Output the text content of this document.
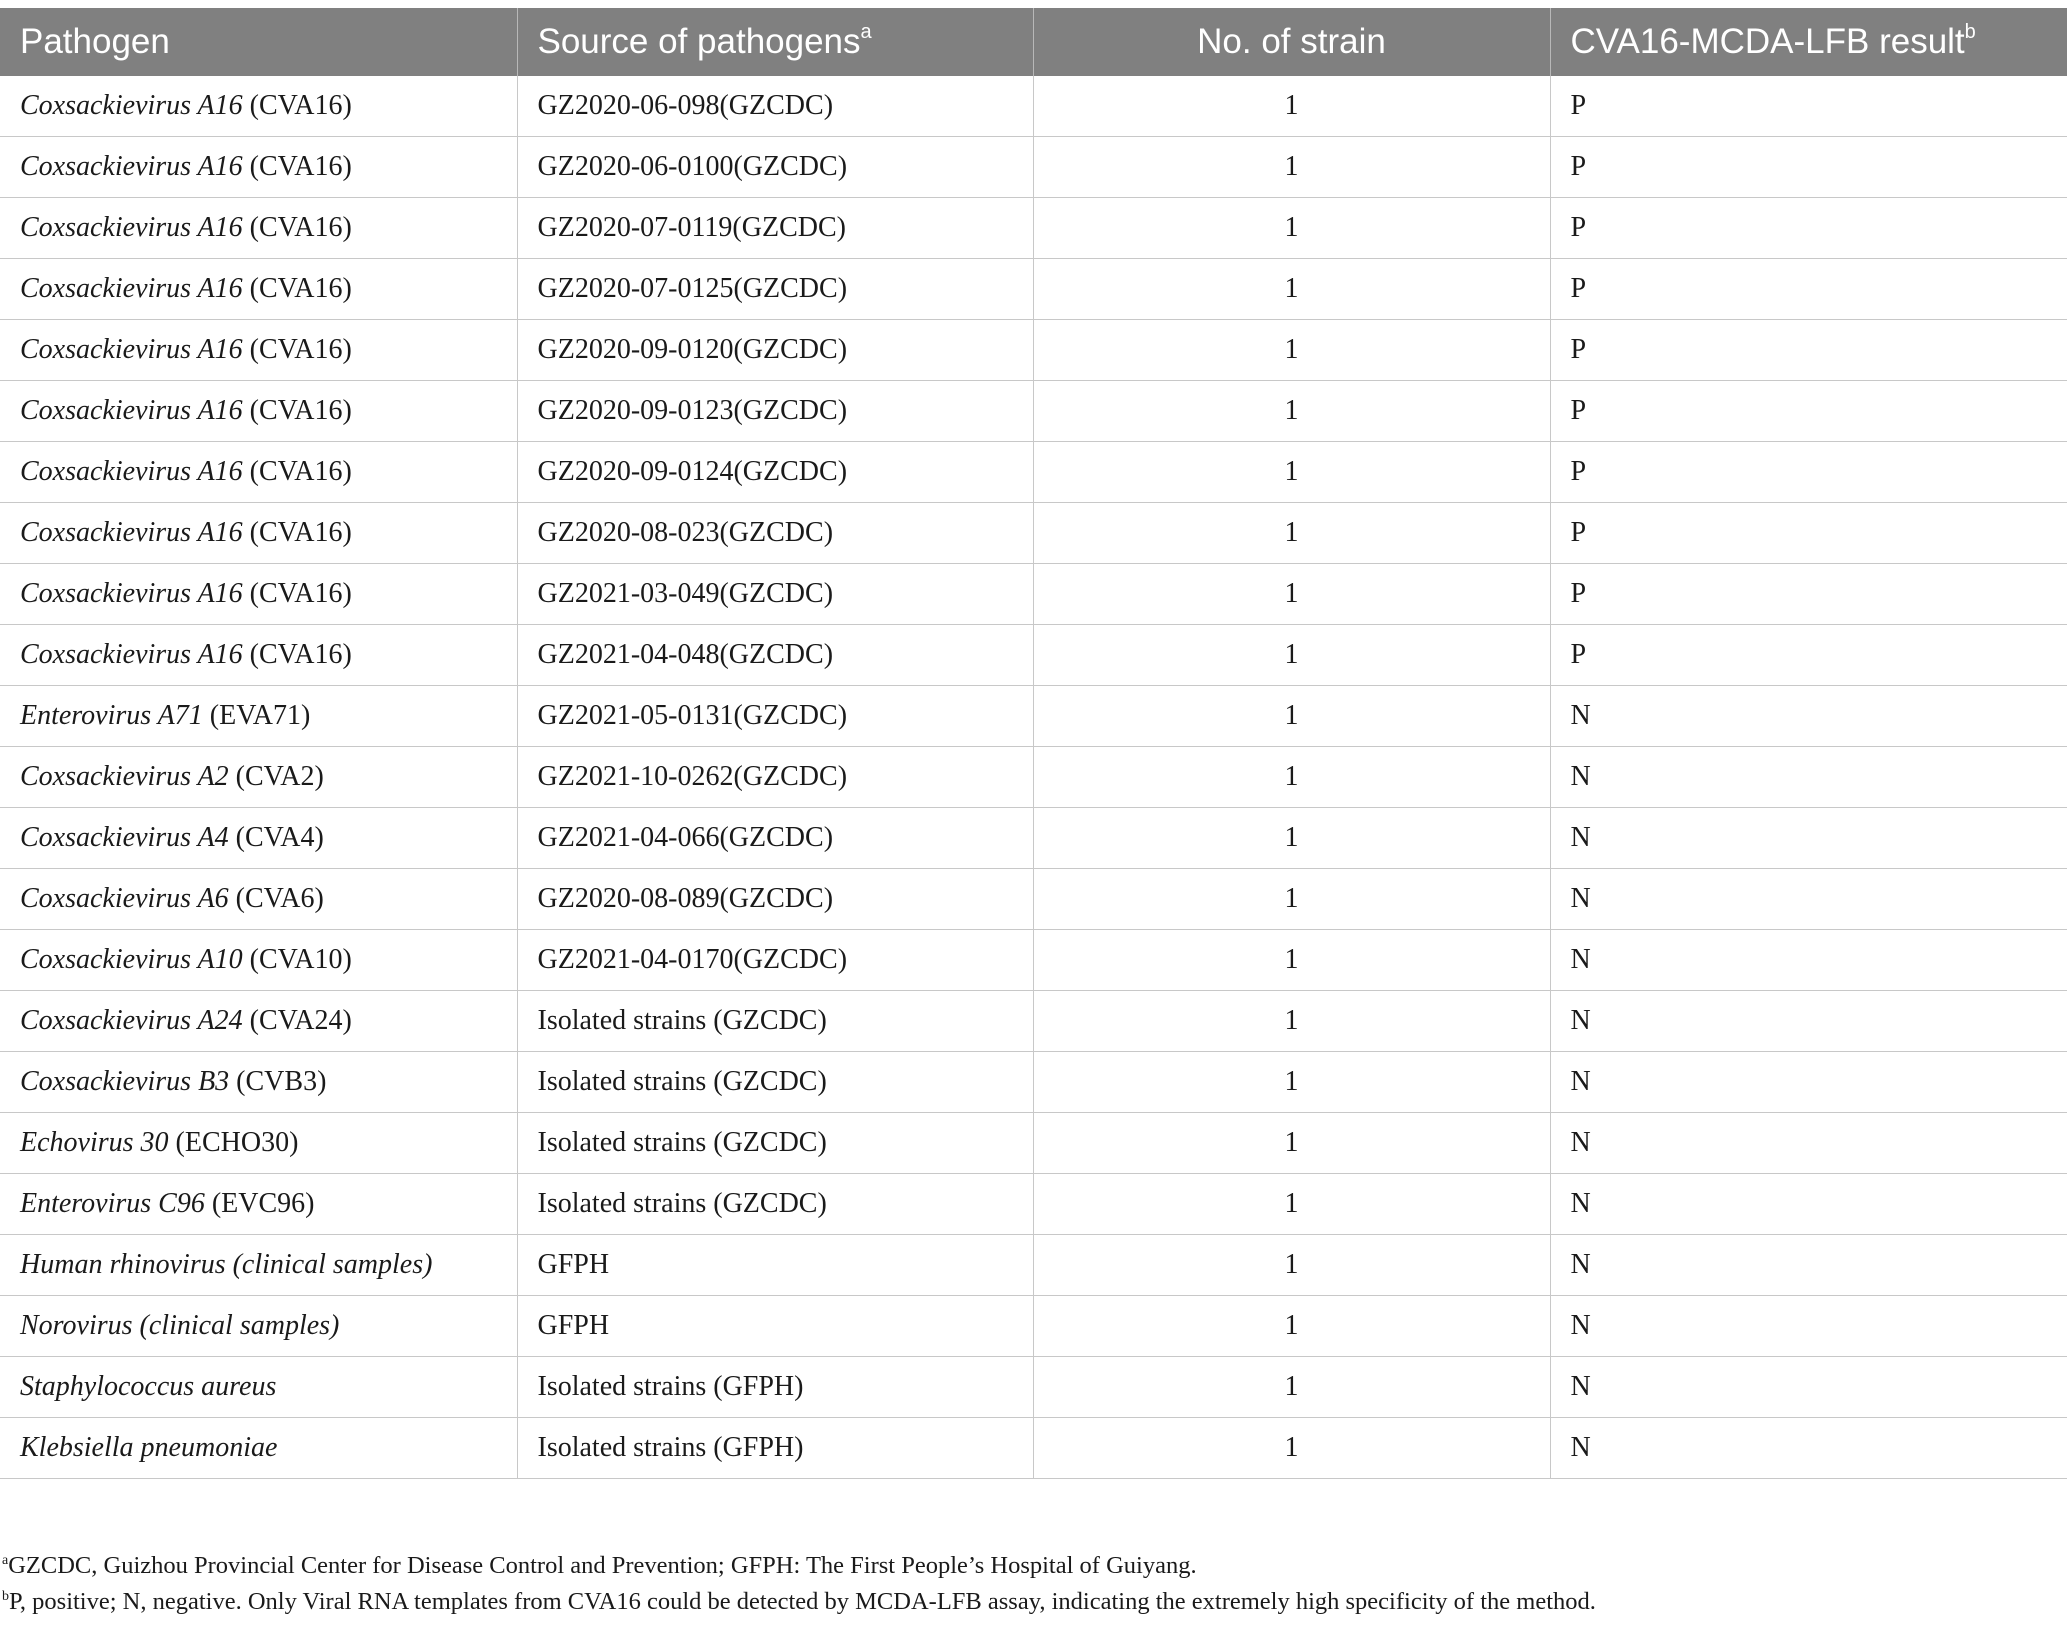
Pathogen	Source of pathogens$^a$	No. of strain	CVA16-MCDA-LFB result$^b$
Coxsackievirus A16 (CVA16)	GZ2020-06-098(GZCDC)	1	P
Coxsackievirus A16 (CVA16)	GZ2020-06-0100(GZCDC)	1	P
Coxsackievirus A16 (CVA16)	GZ2020-07-0119(GZCDC)	1	P
Coxsackievirus A16 (CVA16)	GZ2020-07-0125(GZCDC)	1	P
Coxsackievirus A16 (CVA16)	GZ2020-09-0120(GZCDC)	1	P
Coxsackievirus A16 (CVA16)	GZ2020-09-0123(GZCDC)	1	P
Coxsackievirus A16 (CVA16)	GZ2020-09-0124(GZCDC)	1	P
Coxsackievirus A16 (CVA16)	GZ2020-08-023(GZCDC)	1	P
Coxsackievirus A16 (CVA16)	GZ2021-03-049(GZCDC)	1	P
Coxsackievirus A16 (CVA16)	GZ2021-04-048(GZCDC)	1	P
Enterovirus A71 (EVA71)	GZ2021-05-0131(GZCDC)	1	N
Coxsackievirus A2 (CVA2)	GZ2021-10-0262(GZCDC)	1	N
Coxsackievirus A4 (CVA4)	GZ2021-04-066(GZCDC)	1	N
Coxsackievirus A6 (CVA6)	GZ2020-08-089(GZCDC)	1	N
Coxsackievirus A10 (CVA10)	GZ2021-04-0170(GZCDC)	1	N
Coxsackievirus A24 (CVA24)	Isolated strains (GZCDC)	1	N
Coxsackievirus B3 (CVB3)	Isolated strains (GZCDC)	1	N
Echovirus 30 (ECHO30)	Isolated strains (GZCDC)	1	N
Enterovirus C96 (EVC96)	Isolated strains (GZCDC)	1	N
Human rhinovirus (clinical samples)	GFPH	1	N
Norovirus (clinical samples)	GFPH	1	N
Staphylococcus aureus	Isolated strains (GFPH)	1	N
Klebsiella pneumoniae	Isolated strains (GFPH)	1	N
$^a$GZCDC, Guizhou Provincial Center for Disease Control and Prevention; GFPH: The First People’s Hospital of Guiyang.
$^b$P, positive; N, negative. Only Viral RNA templates from CVA16 could be detected by MCDA-LFB assay, indicating the extremely high specificity of the method.
